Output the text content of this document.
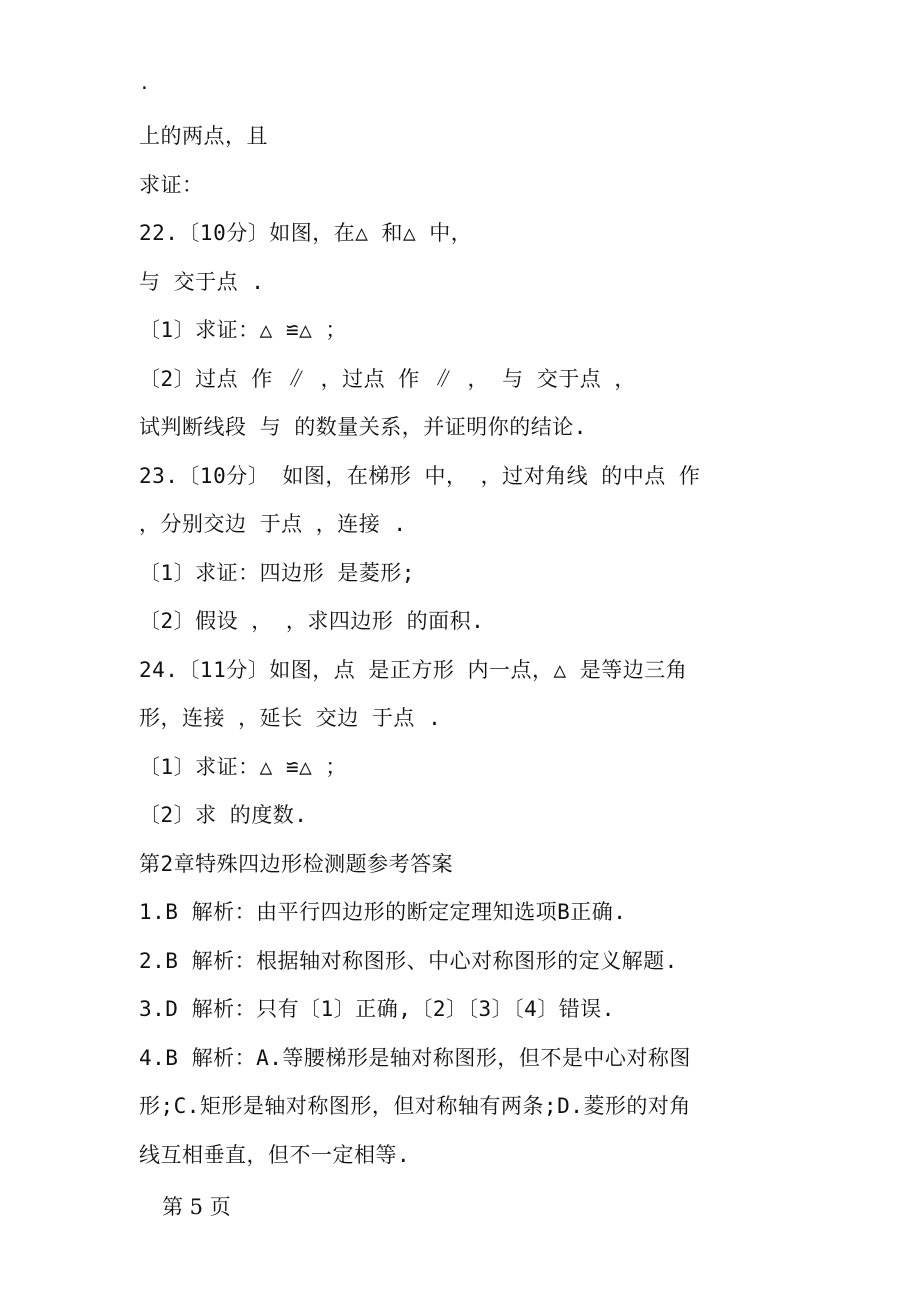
.
上的两点，且
求证：
22.〔10分〕如图，在△ 和△ 中，
与 交于点 .
〔1〕求证：△ ≌△ ；
〔2〕过点 作 ∥ ，过点 作 ∥ ， 与 交于点 ，
试判断线段 与 的数量关系，并证明你的结论.
23.〔10分〕 如图，在梯形 中， ，过对角线 的中点 作
，分别交边 于点 ，连接 .
〔1〕求证：四边形 是菱形;
〔2〕假设 ， ，求四边形 的面积.
24.〔11分〕如图，点 是正方形 内一点，△ 是等边三角
形，连接 ，延长 交边 于点 .
〔1〕求证：△ ≌△ ；
〔2〕求 的度数.
第2章特殊四边形检测题参考答案
1.B 解析：由平行四边形的断定定理知选项B正确.
2.B 解析：根据轴对称图形、中心对称图形的定义解题.
3.D 解析：只有〔1〕正确,〔2〕〔3〕〔4〕错误.
4.B 解析：A.等腰梯形是轴对称图形，但不是中心对称图
形;C.矩形是轴对称图形，但对称轴有两条;D.菱形的对角
线互相垂直，但不一定相等.
第 5 页
